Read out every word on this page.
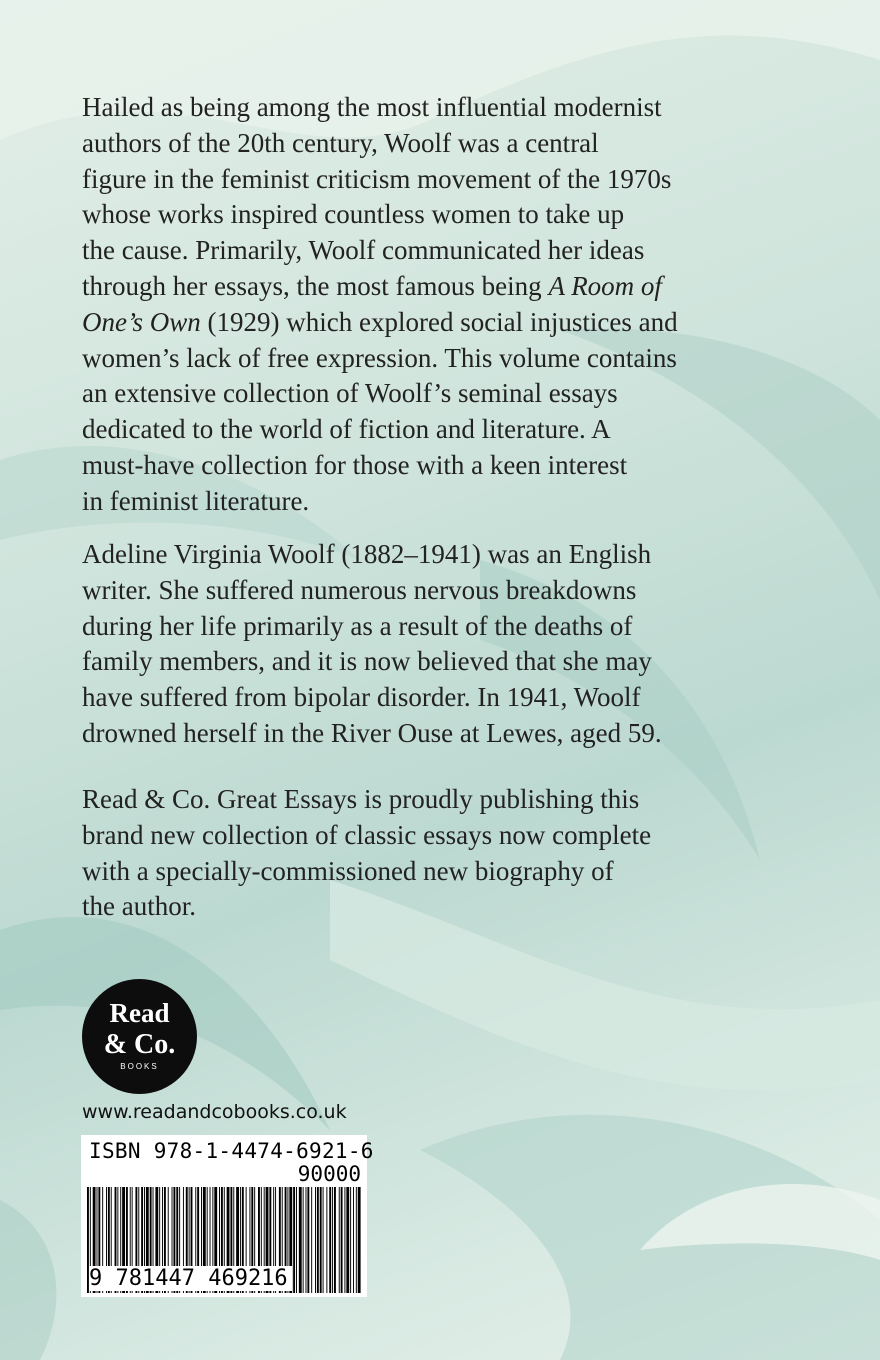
Hailed as being among the most influential modernist
authors of the 20th century, Woolf was a central
figure in the feminist criticism movement of the 1970s
whose works inspired countless women to take up
the cause. Primarily, Woolf communicated her ideas
through her essays, the most famous being A Room of
One’s Own (1929) which explored social injustices and
women’s lack of free expression. This volume contains
an extensive collection of Woolf’s seminal essays
dedicated to the world of fiction and literature. A
must-have collection for those with a keen interest
in feminist literature.

Adeline Virginia Woolf (1882–1941) was an English
writer. She suffered numerous nervous breakdowns
during her life primarily as a result of the deaths of
family members, and it is now believed that she may
have suffered from bipolar disorder. In 1941, Woolf
drowned herself in the River Ouse at Lewes, aged 59.

Read & Co. Great Essays is proudly publishing this
brand new collection of classic essays now complete
with a specially-commissioned new biography of
the author.

Read
& Co.
BOOKS
www.readandcobooks.co.uk
ISBN 978-1-4474-6921-6
90000
9 781447 469216
